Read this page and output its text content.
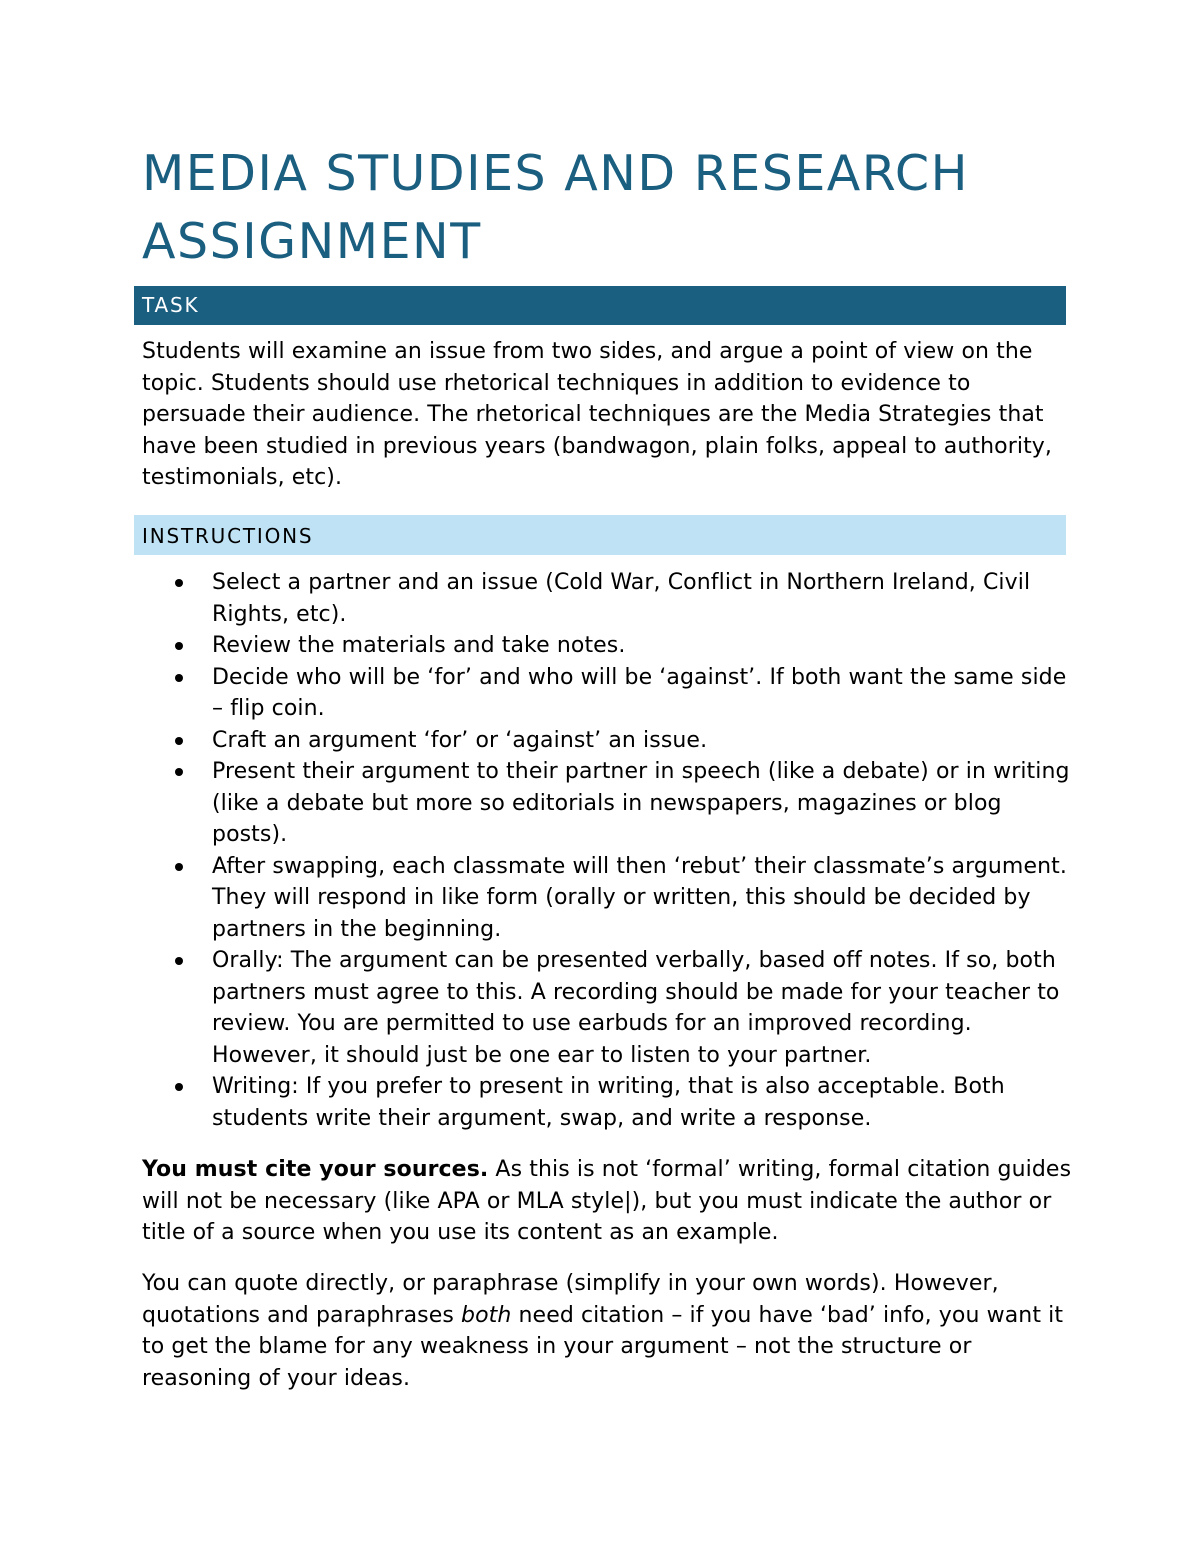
MEDIA STUDIES AND RESEARCH ASSIGNMENT
TASK

Students will examine an issue from two sides, and argue a point of view on the topic. Students should use rhetorical techniques in addition to evidence to persuade their audience. The rhetorical techniques are the Media Strategies that have been studied in previous years (bandwagon, plain folks, appeal to authority, testimonials, etc).

INSTRUCTIONS
Select a partner and an issue (Cold War, Conflict in Northern Ireland, Civil Rights, etc).
Review the materials and take notes.
Decide who will be ‘for’ and who will be ‘against’. If both want the same side – flip coin.
Craft an argument ‘for’ or ‘against’ an issue.
Present their argument to their partner in speech (like a debate) or in writing (like a debate but more so editorials in newspapers, magazines or blog posts).
After swapping, each classmate will then ‘rebut’ their classmate’s argument. They will respond in like form (orally or written, this should be decided by partners in the beginning.
Orally: The argument can be presented verbally, based off notes. If so, both partners must agree to this. A recording should be made for your teacher to review. You are permitted to use earbuds for an improved recording. However, it should just be one ear to listen to your partner.
Writing: If you prefer to present in writing, that is also acceptable. Both students write their argument, swap, and write a response.

You must cite your sources. As this is not ‘formal’ writing, formal citation guides will not be necessary (like APA or MLA style|), but you must indicate the author or title of a source when you use its content as an example.

You can quote directly, or paraphrase (simplify in your own words). However, quotations and paraphrases both need citation – if you have ‘bad’ info, you want it to get the blame for any weakness in your argument – not the structure or reasoning of your ideas.
